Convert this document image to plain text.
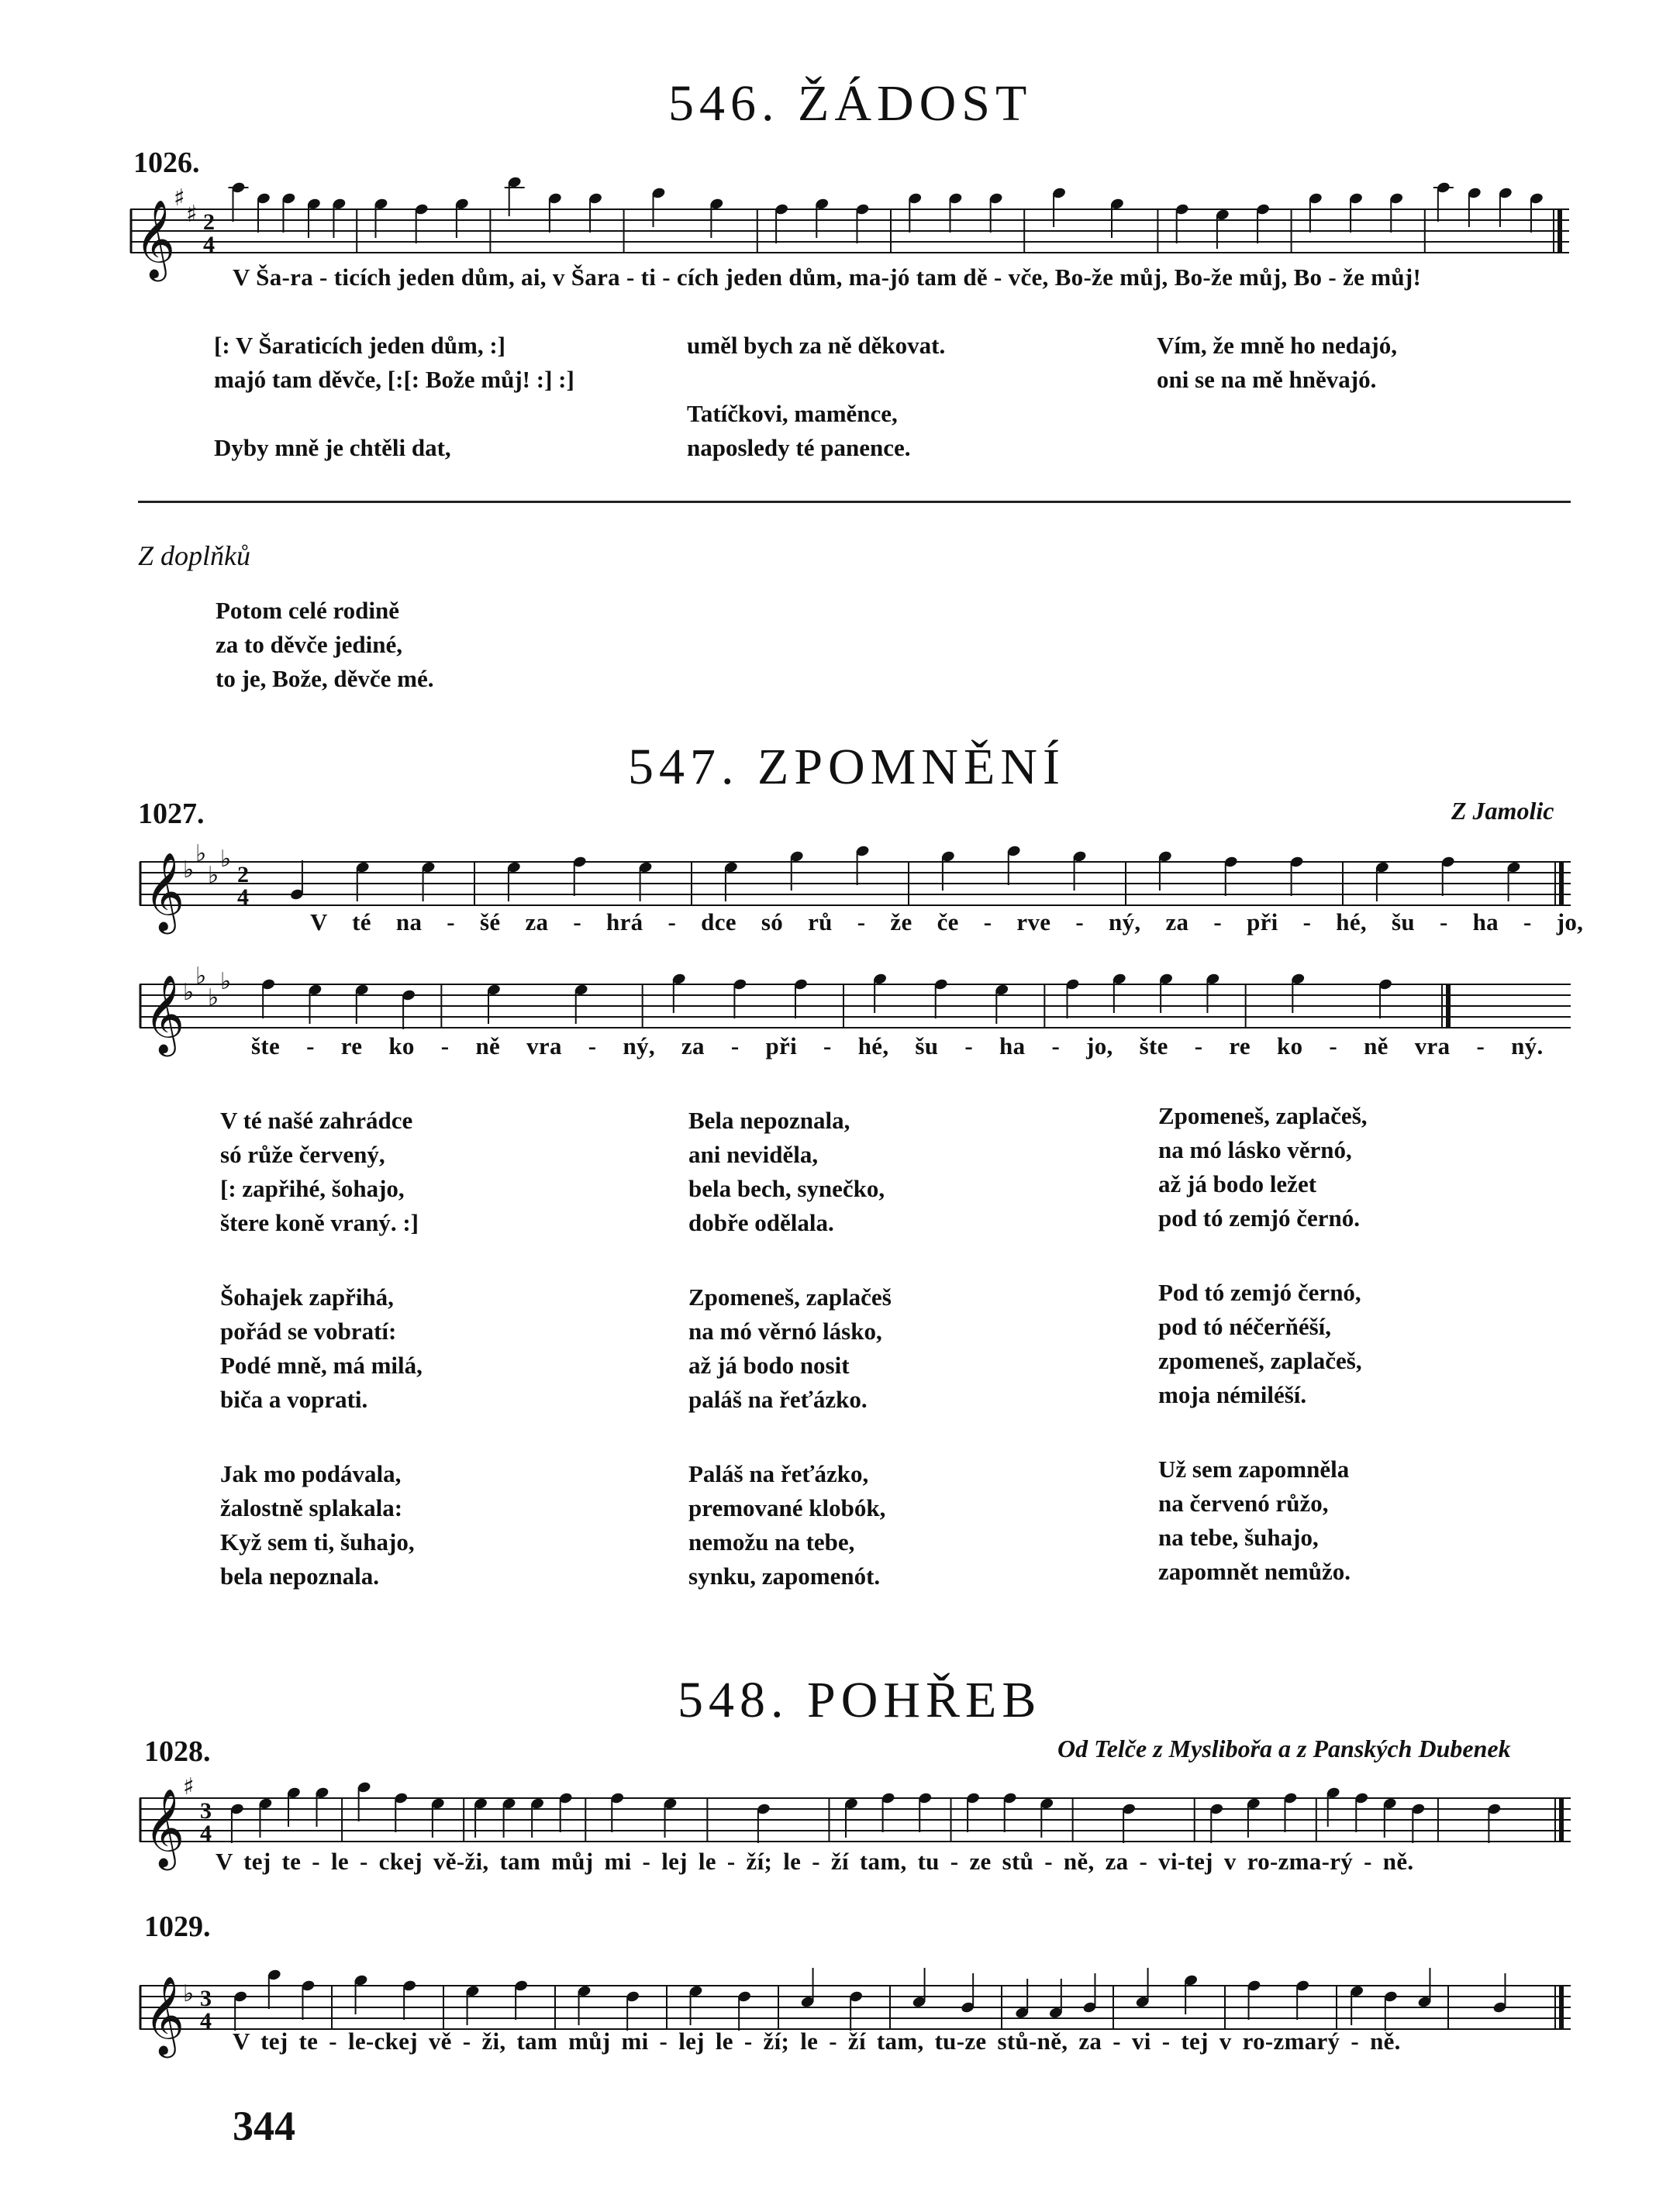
546. ŽÁDOST
1026.
𝄞
♯
♯ 2
4
V Ša-ra - ticích jeden dům, ai, v Šara - ti - cích jeden dům, ma-jó tam dě - vče, Bo-že můj, Bo-že můj, Bo - že můj!
[: V Šaraticích jeden dům, :]
majó tam děvče, [:[: Bože můj! :] :]
Dyby mně je chtěli dat,
uměl bych za ně děkovat.
Tatíčkovi, maměnce,
naposledy té panence.
Vím, že mně ho nedajó,
oni se na mě hněvajó.
Z doplňků
Potom celé rodině
za to děvče jediné,
to je, Bože, děvče mé.
547. ZPOMNĚNÍ
1027.	Z Jamolic
𝄞
♭
♭
♭
♭
2
4
V té na - šé za - hrá - dce só rů - že če - rve - ný, za - při - hé, šu - ha - jo,
𝄞
♭
♭
♭
♭
šte - re ko - ně vra - ný, za - při - hé, šu - ha - jo, šte - re ko - ně vra - ný.
V té našé zahrádce
só růže červený,
[: zapřihé, šohajo,
štere koně vraný. :]
Šohajek zapřihá,
pořád se vobratí:
Podé mně, má milá,
biča a voprati.
Jak mo podávala,
žalostně splakala:
Kyž sem ti, šuhajo,
bela nepoznala.
Bela nepoznala,
ani neviděla,
bela bech, synečko,
dobře odělala.
Zpomeneš, zaplačeš
na mó věrnó lásko,
až já bodo nosit
paláš na řeťázko.
Paláš na řeťázko,
premované klobók,
nemožu na tebe,
synku, zapomenót.
Zpomeneš, zaplačeš,
na mó lásko věrnó,
až já bodo ležet
pod tó zemjó černó.
Pod tó zemjó černó,
pod tó néčerňéší,
zpomeneš, zaplačeš,
moja némiléší.
Už sem zapomněla
na červenó růžo,
na tebe, šuhajo,
zapomnět nemůžo.
548. POHŘEB
1028.	Od Telče z Myslibořa a z Panských Dubenek
𝄞
♯
3
4
V tej te - le - ckej vě-ži, tam můj mi - lej le - ží; le - ží tam, tu - ze stů - ně, za - vi-tej v ro-zma-rý - ně.
1029.
𝄞
♭ 3
4
V tej te - le-ckej vě - ži, tam můj mi - lej le - ží; le - ží tam, tu-ze stů-ně, za - vi - tej v ro-zmarý - ně.
344
